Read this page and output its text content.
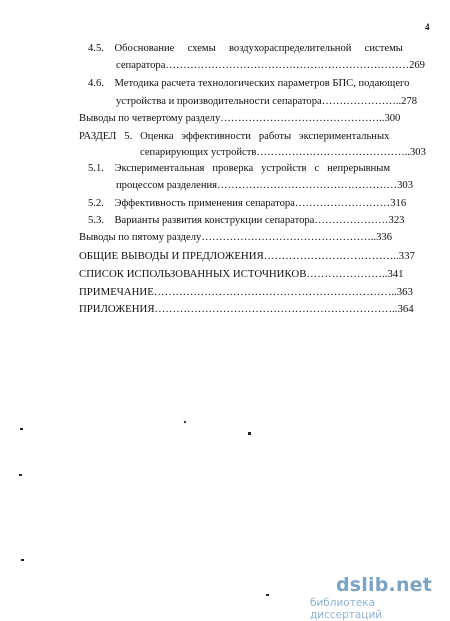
4
4.5.    Обоснование     схемы     воздухораспределительной     системы
сепаратора……………………………………………………………269
4.6.    Методика расчета технологических параметров БПС, подающего
устройства и производительности сепаратора…………………..278
Выводы по четвертому разделу………………………………………..300
РАЗДЕЛ   5.   Оценка   эффективности   работы   экспериментальных
сепарирующих устройств……………………………………..303
5.1.    Экспериментальная   проверка   устройств   с   непрерывным
процессом разделения……………………………………………303
5.2.    Эффективность применения сепаратора………………………316
5.3.    Варианты развития конструкции сепаратора…………………323
Выводы по пятому разделу…………………………………………..336
ОБЩИЕ ВЫВОДЫ И ПРЕДЛОЖЕНИЯ………………………………..337
СПИСОК ИСПОЛЬЗОВАННЫХ ИСТОЧНИКОВ…………………..341
ПРИМЕЧАНИЕ…………………………………………………………..363
ПРИЛОЖЕНИЯ…………………………………………………………..364
dslib.net
библиотека диссертаций
